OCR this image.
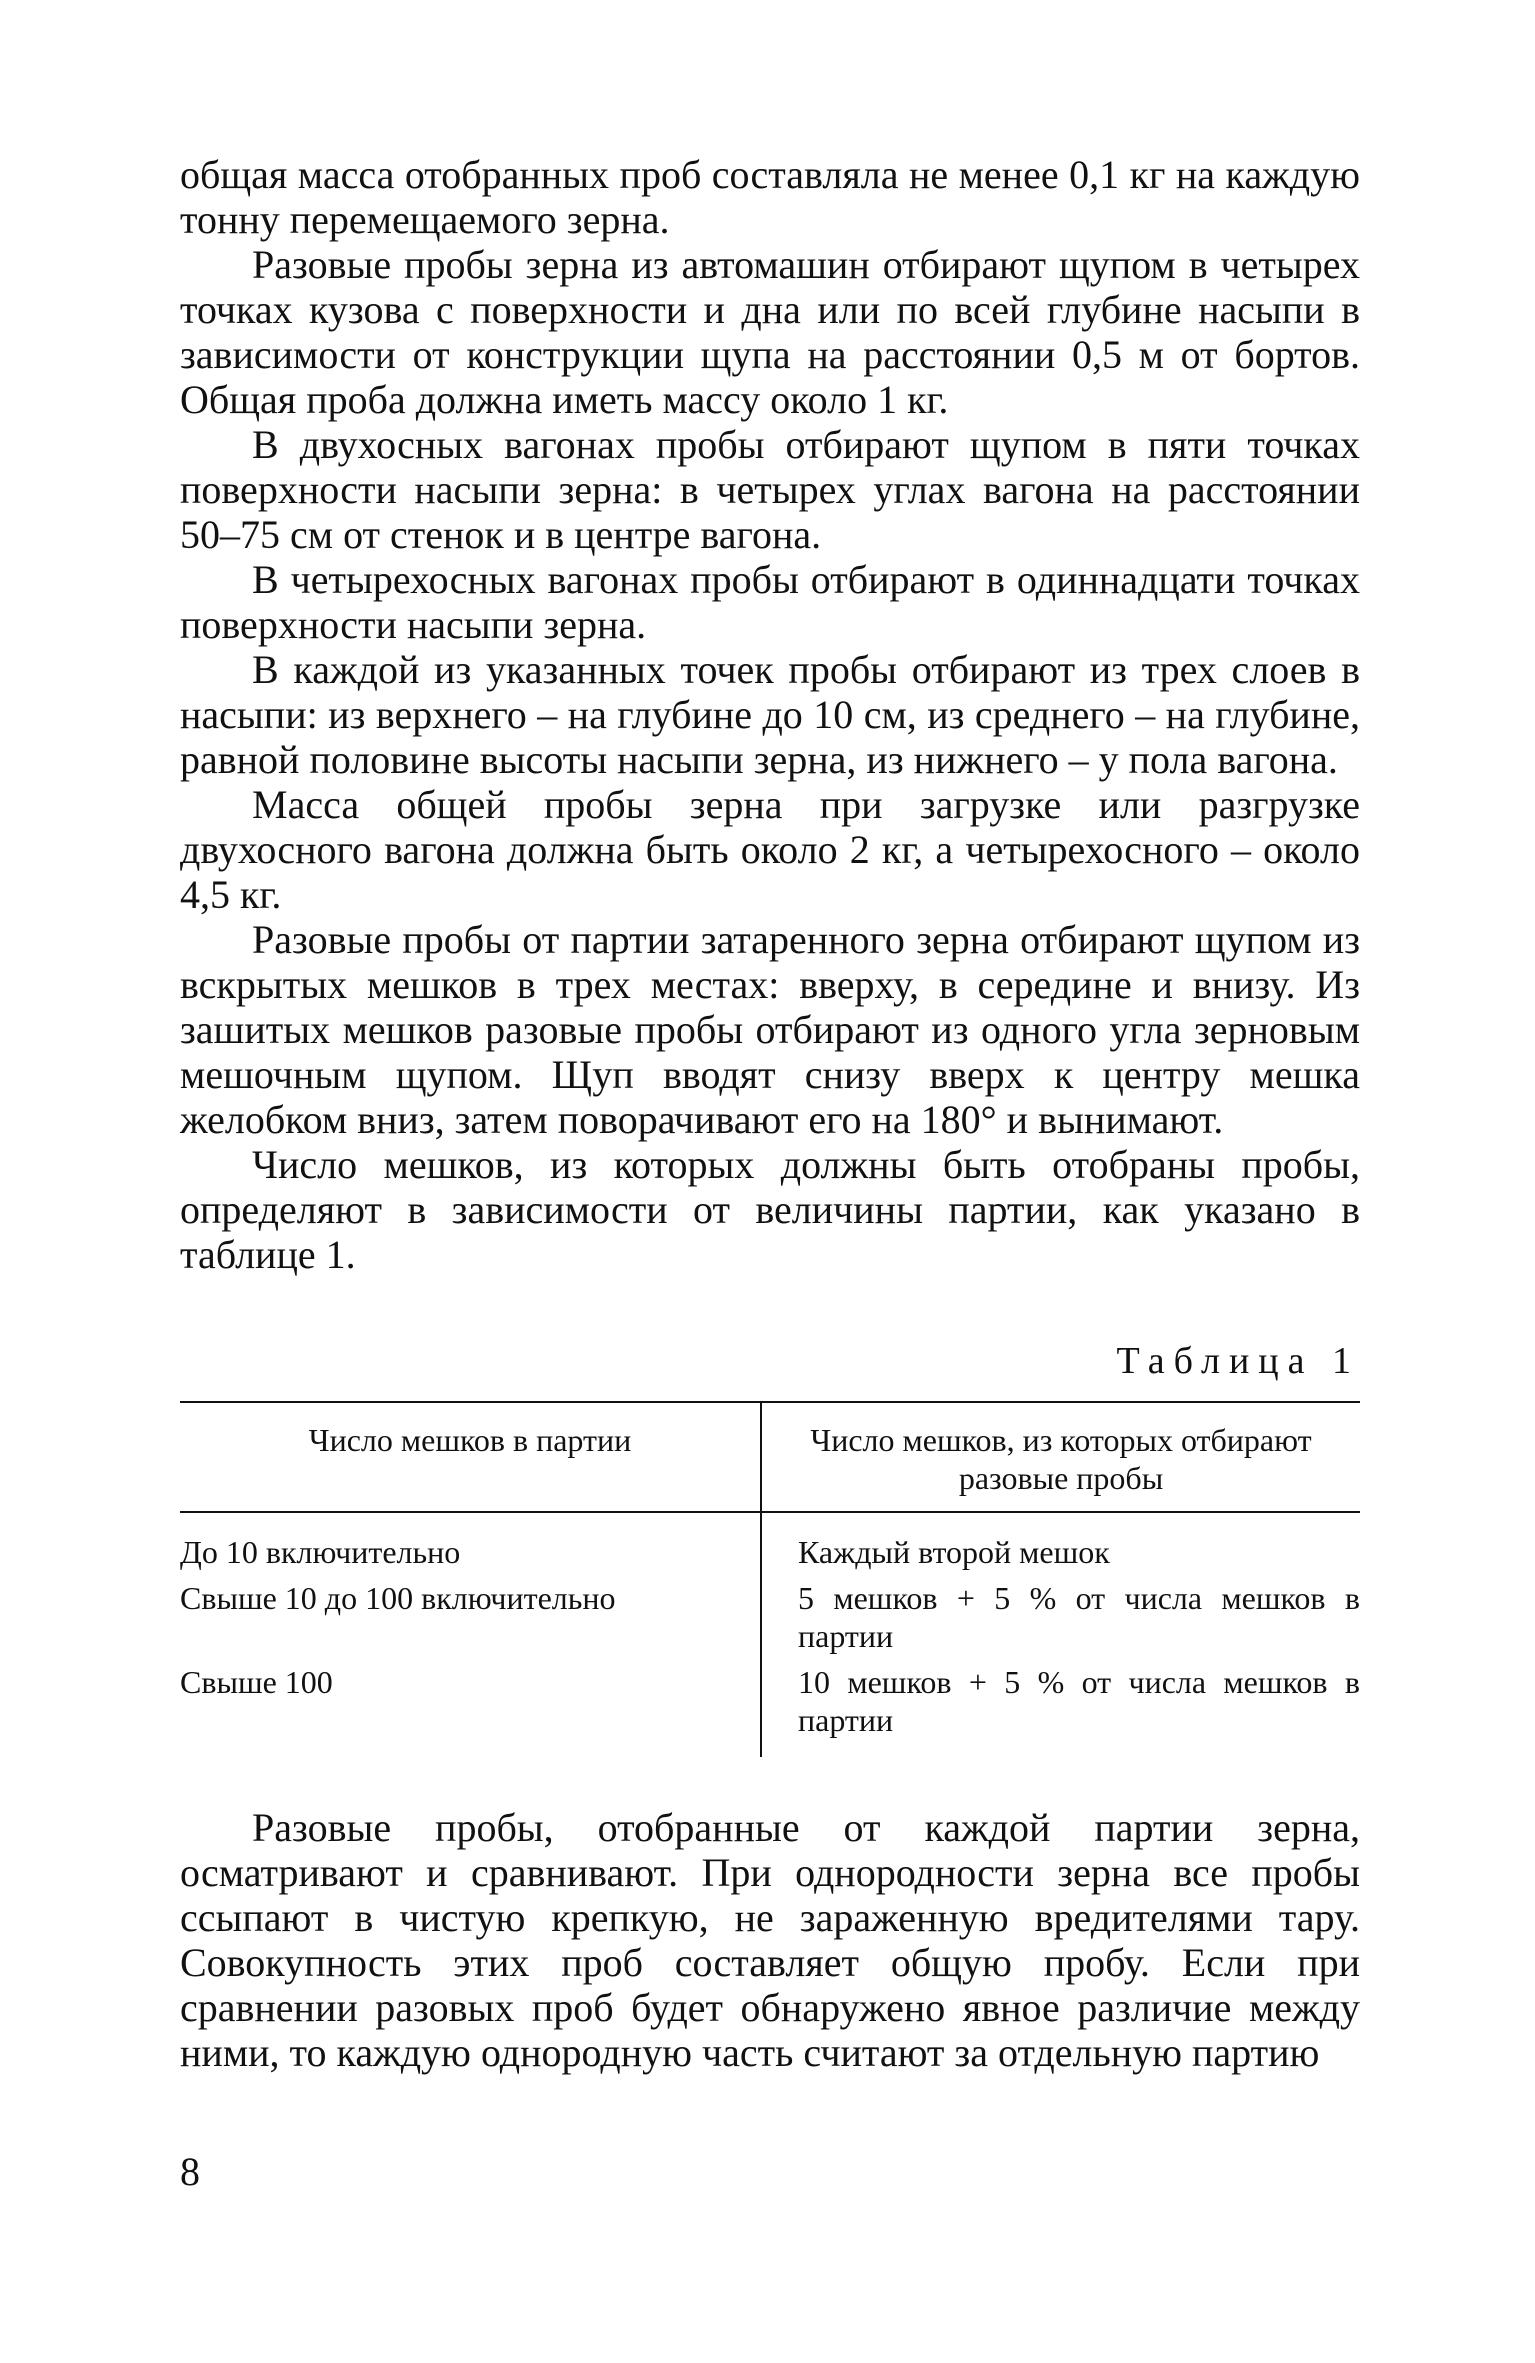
общая масса отобранных проб составляла не менее 0,1 кг на каждую тонну перемещаемого зерна.

Разовые пробы зерна из автомашин отбирают щупом в четырех точках кузова с поверхности и дна или по всей глубине насыпи в зависимости от конструкции щупа на расстоянии 0,5 м от бортов. Общая проба должна иметь массу около 1 кг.

В двухосных вагонах пробы отбирают щупом в пяти точках поверхности насыпи зерна: в четырех углах вагона на расстоянии 50–75 см от стенок и в центре вагона.

В четырехосных вагонах пробы отбирают в одиннадцати точках поверхности насыпи зерна.

В каждой из указанных точек пробы отбирают из трех слоев в насыпи: из верхнего – на глубине до 10 см, из среднего – на глубине, равной половине высоты насыпи зерна, из нижнего – у пола вагона.

Масса общей пробы зерна при загрузке или разгрузке двухосного вагона должна быть около 2 кг, а четырехосного – около 4,5 кг.

Разовые пробы от партии затаренного зерна отбирают щупом из вскрытых мешков в трех местах: вверху, в середине и внизу. Из зашитых мешков разовые пробы отбирают из одного угла зерновым мешочным щупом. Щуп вводят снизу вверх к центру мешка желобком вниз, затем поворачивают его на 180° и вынимают.

Число мешков, из которых должны быть отобраны пробы, определяют в зависимости от величины партии, как указано в таблице 1.

Таблица 1
Число мешков в партии	Число мешков, из которых отбирают разовые пробы
До 10 включительно	Каждый второй мешок
Свыше 10 до 100 включительно	5 мешков + 5 % от числа мешков в партии
Свыше 100	10 мешков + 5 % от числа мешков в партии

Разовые пробы, отобранные от каждой партии зерна, осматривают и сравнивают. При однородности зерна все пробы ссыпают в чистую крепкую, не зараженную вредителями тару. Совокупность этих проб составляет общую пробу. Если при сравнении разовых проб будет обнаружено явное различие между ними, то каждую однородную часть считают за отдельную партию

8
